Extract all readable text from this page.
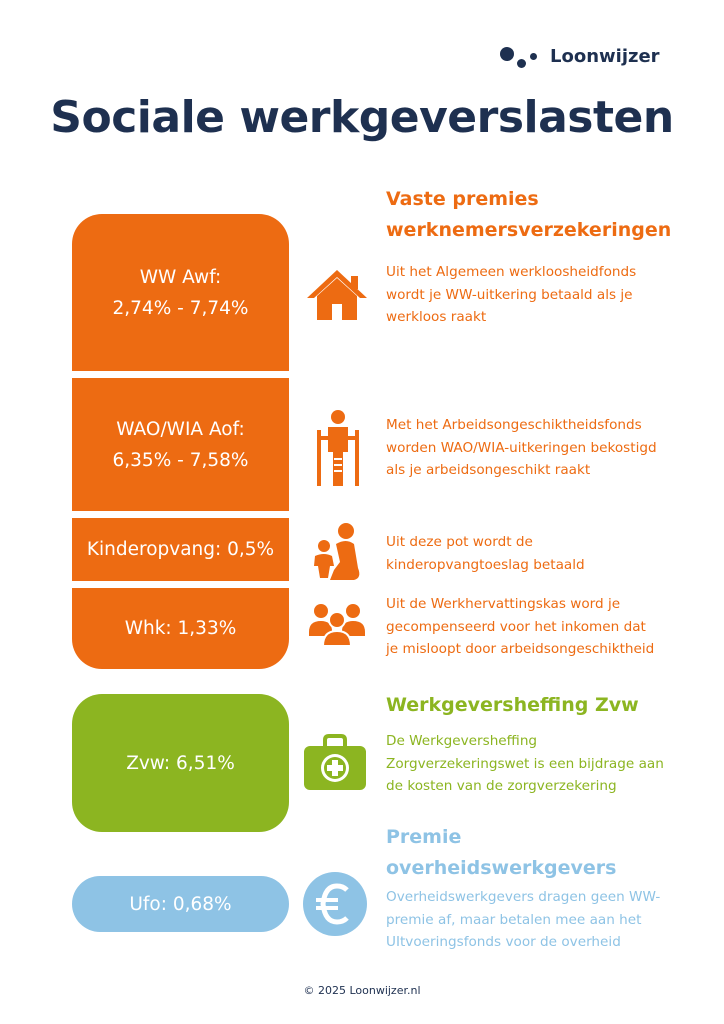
Loonwijzer
Sociale werkgeverslasten
Vaste premies
werknemersverzekeringen
Werkgeversheffing Zvw
Premie
overheidswerkgevers
WW Awf:
2,74% - 7,74%
WAO/WIA Aof:
6,35% - 7,58%
Kinderopvang: 0,5%
Whk: 1,33%
Zvw: 6,51%
Ufo: 0,68%
Uit het Algemeen werkloosheidfonds
wordt je WW-uitkering betaald als je
werkloos raakt
Met het Arbeidsongeschiktheidsfonds
worden WAO/WIA-uitkeringen bekostigd
als je arbeidsongeschikt raakt
Uit deze pot wordt de
kinderopvangtoeslag betaald
Uit de Werkhervattingskas word je
gecompenseerd voor het inkomen dat
je misloopt door arbeidsongeschiktheid
De Werkgeversheffing
Zorgverzekeringswet is een bijdrage aan
de kosten van de zorgverzekering
Overheidswerkgevers dragen geen WW-
premie af, maar betalen mee aan het
UItvoeringsfonds voor de overheid
© 2025 Loonwijzer.nl
